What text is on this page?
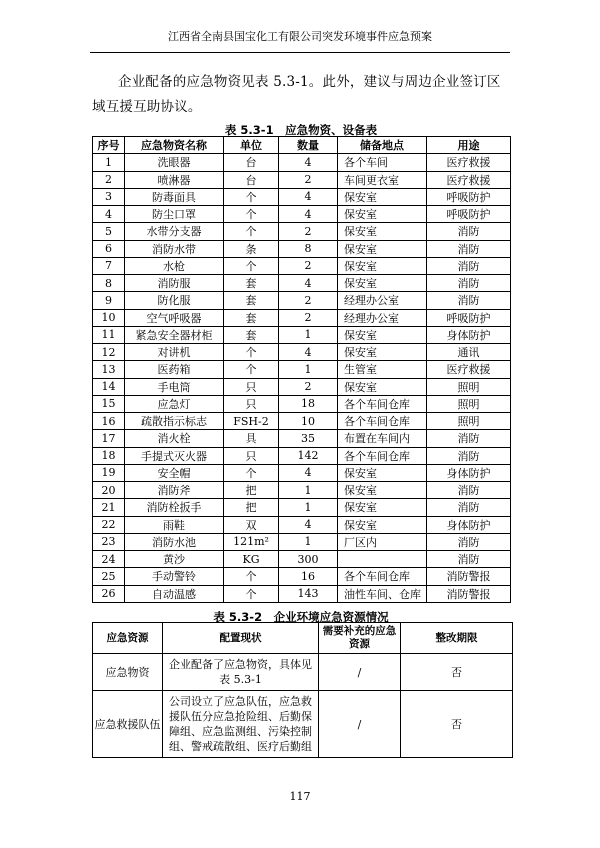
江西省全南县国宝化工有限公司突发环境事件应急预案
企业配备的应急物资见表 5.3-1。此外，建议与周边企业签订区域互援互助协议。
表 5.3-1　应急物资、设备表
序号	应急物资名称	单位	数量	储备地点	用途
1	洗眼器	台	4	各个车间	医疗救援
2	喷淋器	台	2	车间更衣室	医疗救援
3	防毒面具	个	4	保安室	呼吸防护
4	防尘口罩	个	4	保安室	呼吸防护
5	水带分支器	个	2	保安室	消防
6	消防水带	条	8	保安室	消防
7	水枪	个	2	保安室	消防
8	消防服	套	4	保安室	消防
9	防化服	套	2	经理办公室	消防
10	空气呼吸器	套	2	经理办公室	呼吸防护
11	紧急安全器材柜	套	1	保安室	身体防护
12	对讲机	个	4	保安室	通讯
13	医药箱	个	1	生管室	医疗救援
14	手电筒	只	2	保安室	照明
15	应急灯	只	18	各个车间仓库	照明
16	疏散指示标志	FSH-2	10	各个车间仓库	照明
17	消火栓	具	35	布置在车间内	消防
18	手提式灭火器	只	142	各个车间仓库	消防
19	安全帽	个	4	保安室	身体防护
20	消防斧	把	1	保安室	消防
21	消防栓扳手	把	1	保安室	消防
22	雨鞋	双	4	保安室	身体防护
23	消防水池	121m²	1	厂区内	消防
24	黄沙	KG	300		消防
25	手动警铃	个	16	各个车间仓库	消防警报
26	自动温感	个	143	油性车间、仓库	消防警报
表 5.3-2　企业环境应急资源情况
应急资源	配置现状	需要补充的应急资源	整改期限
应急物资	企业配备了应急物资，具体见表 5.3-1	/	否
应急救援队伍	公司设立了应急队伍，应急救援队伍分应急抢险组、后勤保障组、应急监测组、污染控制组、警戒疏散组、医疗后勤组	/	否
117
